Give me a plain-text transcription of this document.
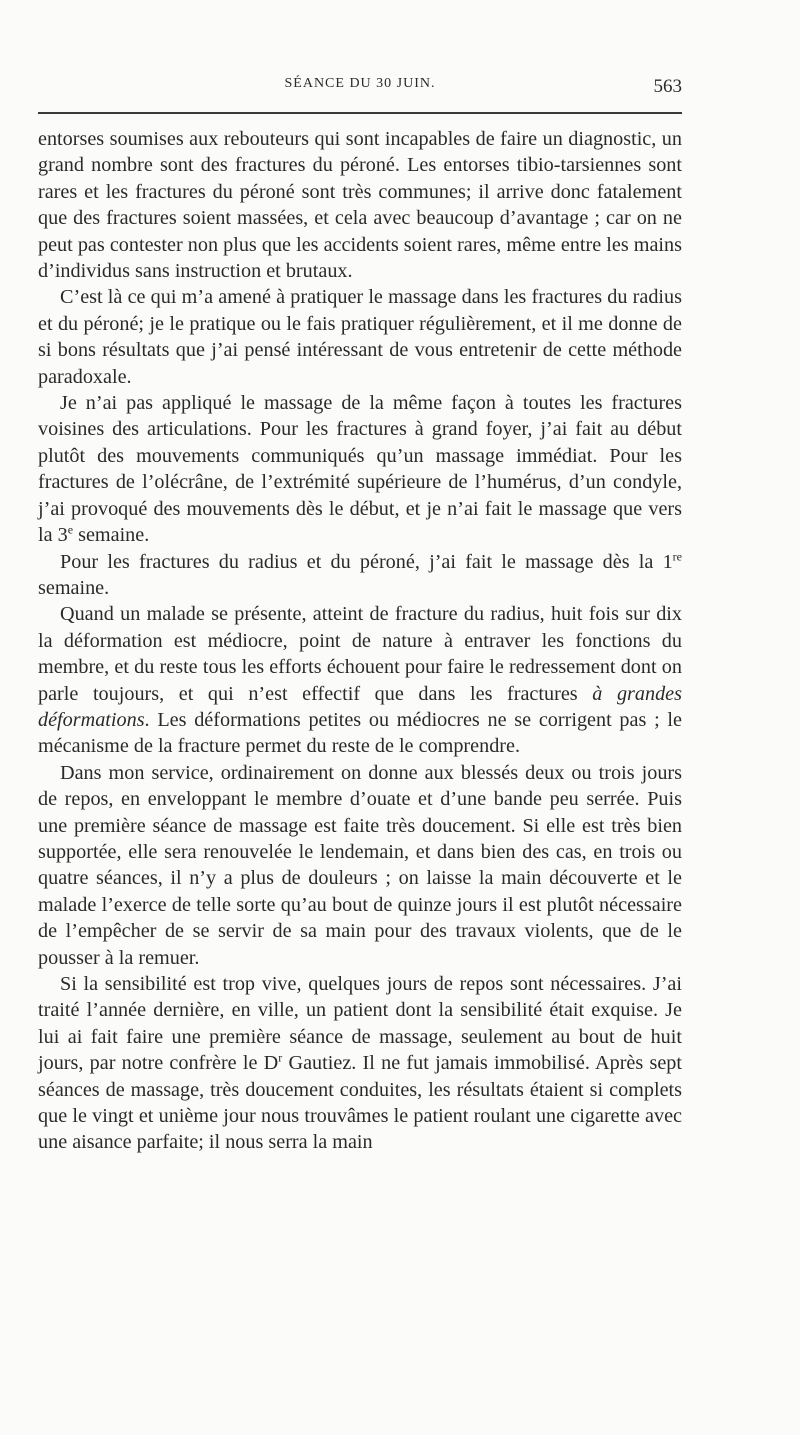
SÉANCE DU 30 JUIN.	563

entorses soumises aux rebouteurs qui sont incapables de faire un diagnostic, un grand nombre sont des fractures du péroné. Les entorses tibio-tarsiennes sont rares et les fractures du péroné sont très communes; il arrive donc fatalement que des fractures soient massées, et cela avec beaucoup d’avantage ; car on ne peut pas contester non plus que les accidents soient rares, même entre les mains d’individus sans instruction et brutaux.

C’est là ce qui m’a amené à pratiquer le massage dans les fractures du radius et du péroné; je le pratique ou le fais pratiquer régulièrement, et il me donne de si bons résultats que j’ai pensé intéressant de vous entretenir de cette méthode paradoxale.

Je n’ai pas appliqué le massage de la même façon à toutes les fractures voisines des articulations. Pour les fractures à grand foyer, j’ai fait au début plutôt des mouvements communiqués qu’un massage immédiat. Pour les fractures de l’olécrâne, de l’extrémité supérieure de l’humérus, d’un condyle, j’ai provoqué des mouvements dès le début, et je n’ai fait le massage que vers la 3e semaine.

Pour les fractures du radius et du péroné, j’ai fait le massage dès la 1re semaine.

Quand un malade se présente, atteint de fracture du radius, huit fois sur dix la déformation est médiocre, point de nature à entraver les fonctions du membre, et du reste tous les efforts échouent pour faire le redressement dont on parle toujours, et qui n’est effectif que dans les fractures à grandes déformations. Les déformations petites ou médiocres ne se corrigent pas ; le mécanisme de la fracture permet du reste de le comprendre.

Dans mon service, ordinairement on donne aux blessés deux ou trois jours de repos, en enveloppant le membre d’ouate et d’une bande peu serrée. Puis une première séance de massage est faite très doucement. Si elle est très bien supportée, elle sera renouvelée le lendemain, et dans bien des cas, en trois ou quatre séances, il n’y a plus de douleurs ; on laisse la main découverte et le malade l’exerce de telle sorte qu’au bout de quinze jours il est plutôt nécessaire de l’empêcher de se servir de sa main pour des travaux violents, que de le pousser à la remuer.

Si la sensibilité est trop vive, quelques jours de repos sont nécessaires. J’ai traité l’année dernière, en ville, un patient dont la sensibilité était exquise. Je lui ai fait faire une première séance de massage, seulement au bout de huit jours, par notre confrère le $D^r$ Gautiez. Il ne fut jamais immobilisé. Après sept séances de massage, très doucement conduites, les résultats étaient si complets que le vingt et unième jour nous trouvâmes le patient roulant une cigarette avec une aisance parfaite; il nous serra la main
